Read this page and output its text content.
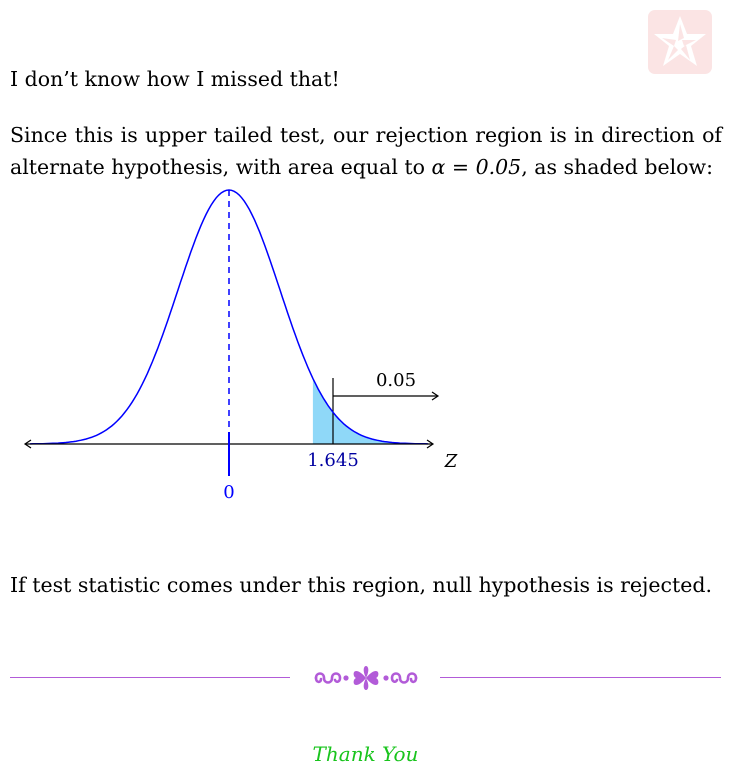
I don’t know how I missed that!

Since this is upper tailed test, our rejection region is in direction of alternate hypothesis, with area equal to α = 0.05, as shaded below:

0.05
1.645	Z
0

If test statistic comes under this region, null hypothesis is rejected.

Thank You
